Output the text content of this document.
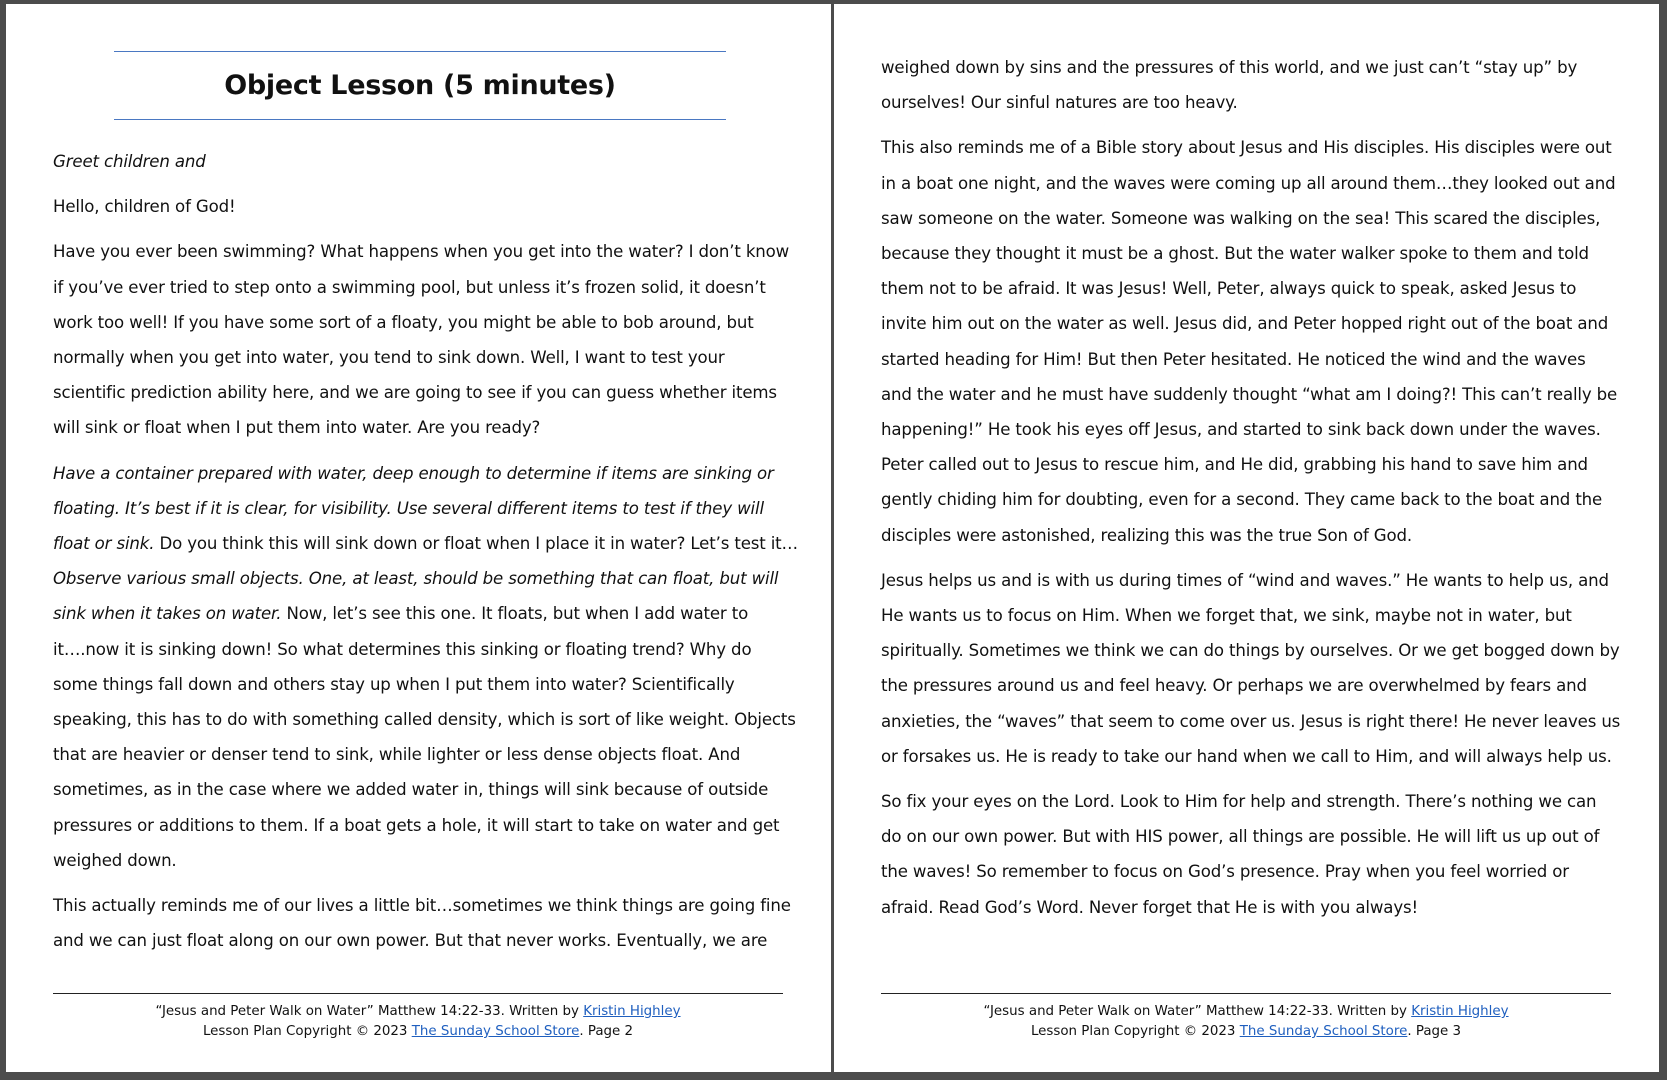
Object Lesson (5 minutes)

Greet children and

Hello, children of God!

Have you ever been swimming? What happens when you get into the water? I don’t know if you’ve ever tried to step onto a swimming pool, but unless it’s frozen solid, it doesn’t work too well! If you have some sort of a floaty, you might be able to bob around, but normally when you get into water, you tend to sink down. Well, I want to test your scientific prediction ability here, and we are going to see if you can guess whether items will sink or float when I put them into water. Are you ready?

Have a container prepared with water, deep enough to determine if items are sinking or floating. It’s best if it is clear, for visibility. Use several different items to test if they will float or sink. Do you think this will sink down or float when I place it in water? Let’s test it…Observe various small objects. One, at least, should be something that can float, but will sink when it takes on water. Now, let’s see this one. It floats, but when I add water to it….now it is sinking down! So what determines this sinking or floating trend? Why do some things fall down and others stay up when I put them into water? Scientifically speaking, this has to do with something called density, which is sort of like weight. Objects that are heavier or denser tend to sink, while lighter or less dense objects float. And sometimes, as in the case where we added water in, things will sink because of outside pressures or additions to them. If a boat gets a hole, it will start to take on water and get weighed down.

This actually reminds me of our lives a little bit…sometimes we think things are going fine and we can just float along on our own power. But that never works. Eventually, we are

“Jesus and Peter Walk on Water” Matthew 14:22-33. Written by Kristin Highley
Lesson Plan Copyright © 2023 The Sunday School Store. Page 2

weighed down by sins and the pressures of this world, and we just can’t “stay up” by ourselves! Our sinful natures are too heavy.

This also reminds me of a Bible story about Jesus and His disciples. His disciples were out in a boat one night, and the waves were coming up all around them…they looked out and saw someone on the water. Someone was walking on the sea! This scared the disciples, because they thought it must be a ghost. But the water walker spoke to them and told them not to be afraid. It was Jesus! Well, Peter, always quick to speak, asked Jesus to invite him out on the water as well. Jesus did, and Peter hopped right out of the boat and started heading for Him! But then Peter hesitated. He noticed the wind and the waves and the water and he must have suddenly thought “what am I doing?! This can’t really be happening!” He took his eyes off Jesus, and started to sink back down under the waves. Peter called out to Jesus to rescue him, and He did, grabbing his hand to save him and gently chiding him for doubting, even for a second. They came back to the boat and the disciples were astonished, realizing this was the true Son of God.

Jesus helps us and is with us during times of “wind and waves.” He wants to help us, and He wants us to focus on Him. When we forget that, we sink, maybe not in water, but spiritually. Sometimes we think we can do things by ourselves. Or we get bogged down by the pressures around us and feel heavy. Or perhaps we are overwhelmed by fears and anxieties, the “waves” that seem to come over us. Jesus is right there! He never leaves us or forsakes us. He is ready to take our hand when we call to Him, and will always help us.

So fix your eyes on the Lord. Look to Him for help and strength. There’s nothing we can do on our own power. But with HIS power, all things are possible. He will lift us up out of the waves! So remember to focus on God’s presence. Pray when you feel worried or afraid. Read God’s Word. Never forget that He is with you always!

“Jesus and Peter Walk on Water” Matthew 14:22-33. Written by Kristin Highley
Lesson Plan Copyright © 2023 The Sunday School Store. Page 3
